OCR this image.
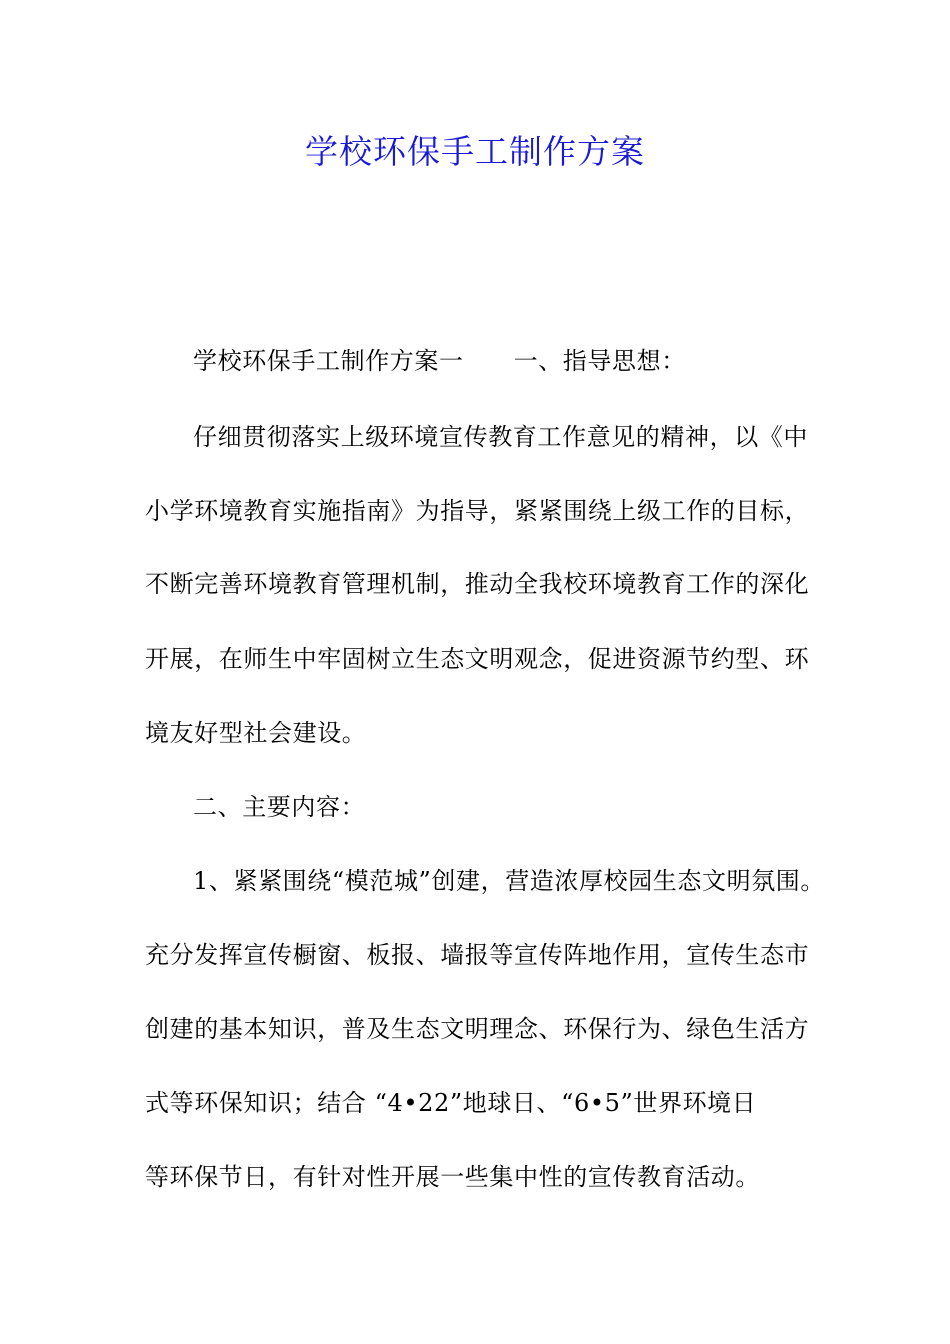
学校环保手工制作方案
学校环保手工制作方案一 一、指导思想：
仔细贯彻落实上级环境宣传教育工作意见的精神，以《中
小学环境教育实施指南》为指导，紧紧围绕上级工作的目标，
不断完善环境教育管理机制，推动全我校环境教育工作的深化
开展，在师生中牢固树立生态文明观念，促进资源节约型、环
境友好型社会建设。
二、主要内容：
1、紧紧围绕“模范城”创建，营造浓厚校园生态文明氛围。
充分发挥宣传橱窗、板报、墙报等宣传阵地作用，宣传生态市
创建的基本知识，普及生态文明理念、环保行为、绿色生活方
式等环保知识；结合 “4•22”地球日、“6•5”世界环境日
等环保节日，有针对性开展一些集中性的宣传教育活动。
